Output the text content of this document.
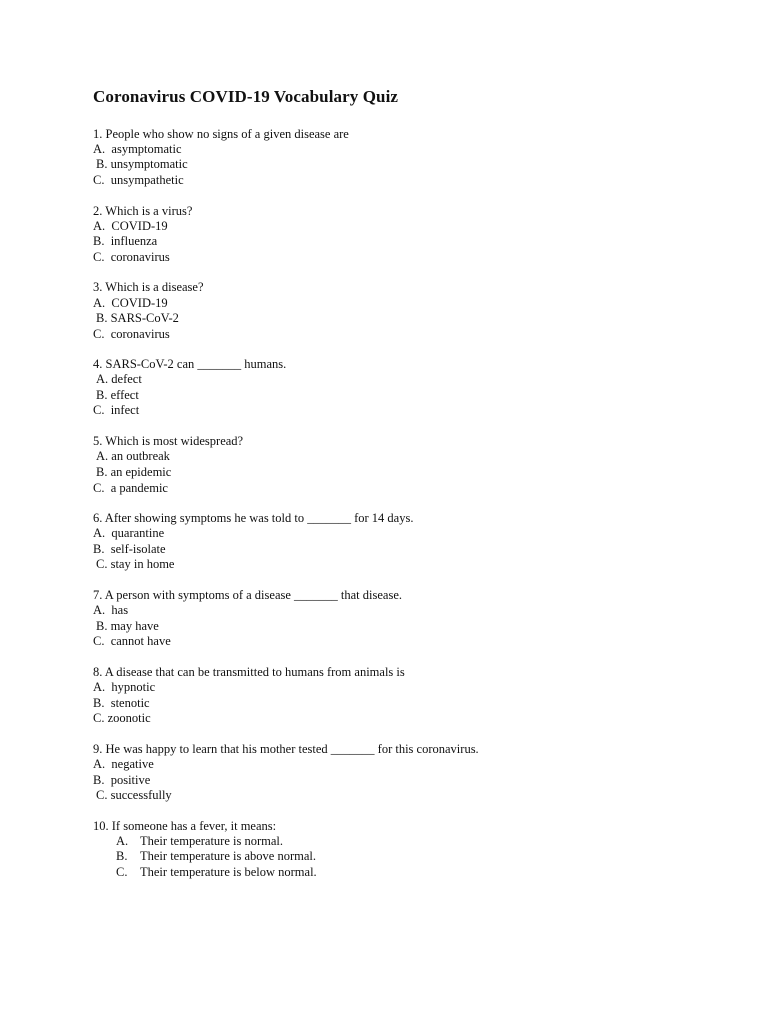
Coronavirus COVID-19 Vocabulary Quiz
1. People who show no signs of a given disease are
A.  asymptomatic
B. unsymptomatic
C.  unsympathetic
2. Which is a virus?
A.  COVID-19
B.  influenza
C.  coronavirus
3. Which is a disease?
A.  COVID-19
B. SARS-CoV-2
C.  coronavirus
4. SARS-CoV-2 can _______ humans.
A. defect
B. effect
C.  infect
5. Which is most widespread?
A. an outbreak
B. an epidemic
C.  a pandemic
6. After showing symptoms he was told to _______ for 14 days.
A.  quarantine
B.  self-isolate
C. stay in home
7. A person with symptoms of a disease _______ that disease.
A.  has
B. may have
C.  cannot have
8. A disease that can be transmitted to humans from animals is
A.  hypnotic
B.  stenotic
C. zoonotic
9. He was happy to learn that his mother tested _______ for this coronavirus.
A.  negative
B.  positive
C. successfully
10. If someone has a fever, it means:
A. Their temperature is normal.
B. Their temperature is above normal.
C. Their temperature is below normal.
